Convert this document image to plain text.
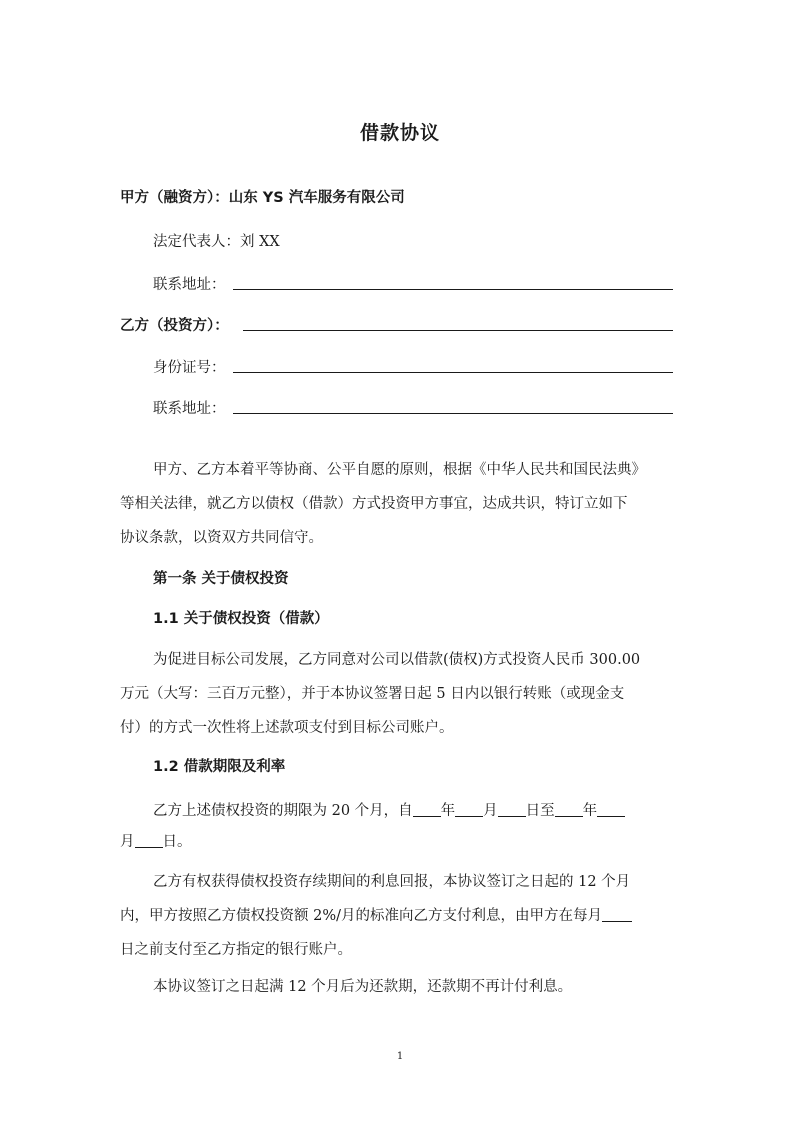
借款协议
甲方（融资方）：山东 YS 汽车服务有限公司
法定代表人：刘 XX
联系地址：
乙方（投资方）：
身份证号：
联系地址：
甲方、乙方本着平等协商、公平自愿的原则，根据《中华人民共和国民法典》
等相关法律，就乙方以债权（借款）方式投资甲方事宜，达成共识，特订立如下
协议条款，以资双方共同信守。
第一条 关于债权投资
1.1 关于债权投资（借款）
为促进目标公司发展，乙方同意对公司以借款(债权)方式投资人民币 300.00
万元（大写：三百万元整），并于本协议签署日起 5 日内以银行转账（或现金支
付）的方式一次性将上述款项支付到目标公司账户。
1.2 借款期限及利率
乙方上述债权投资的期限为 20 个月，自 年 月 日至 年
月 日。
乙方有权获得债权投资存续期间的利息回报，本协议签订之日起的 12 个月
内，甲方按照乙方债权投资额 2%/月的标准向乙方支付利息，由甲方在每月
日之前支付至乙方指定的银行账户。
本协议签订之日起满 12 个月后为还款期，还款期不再计付利息。
1
